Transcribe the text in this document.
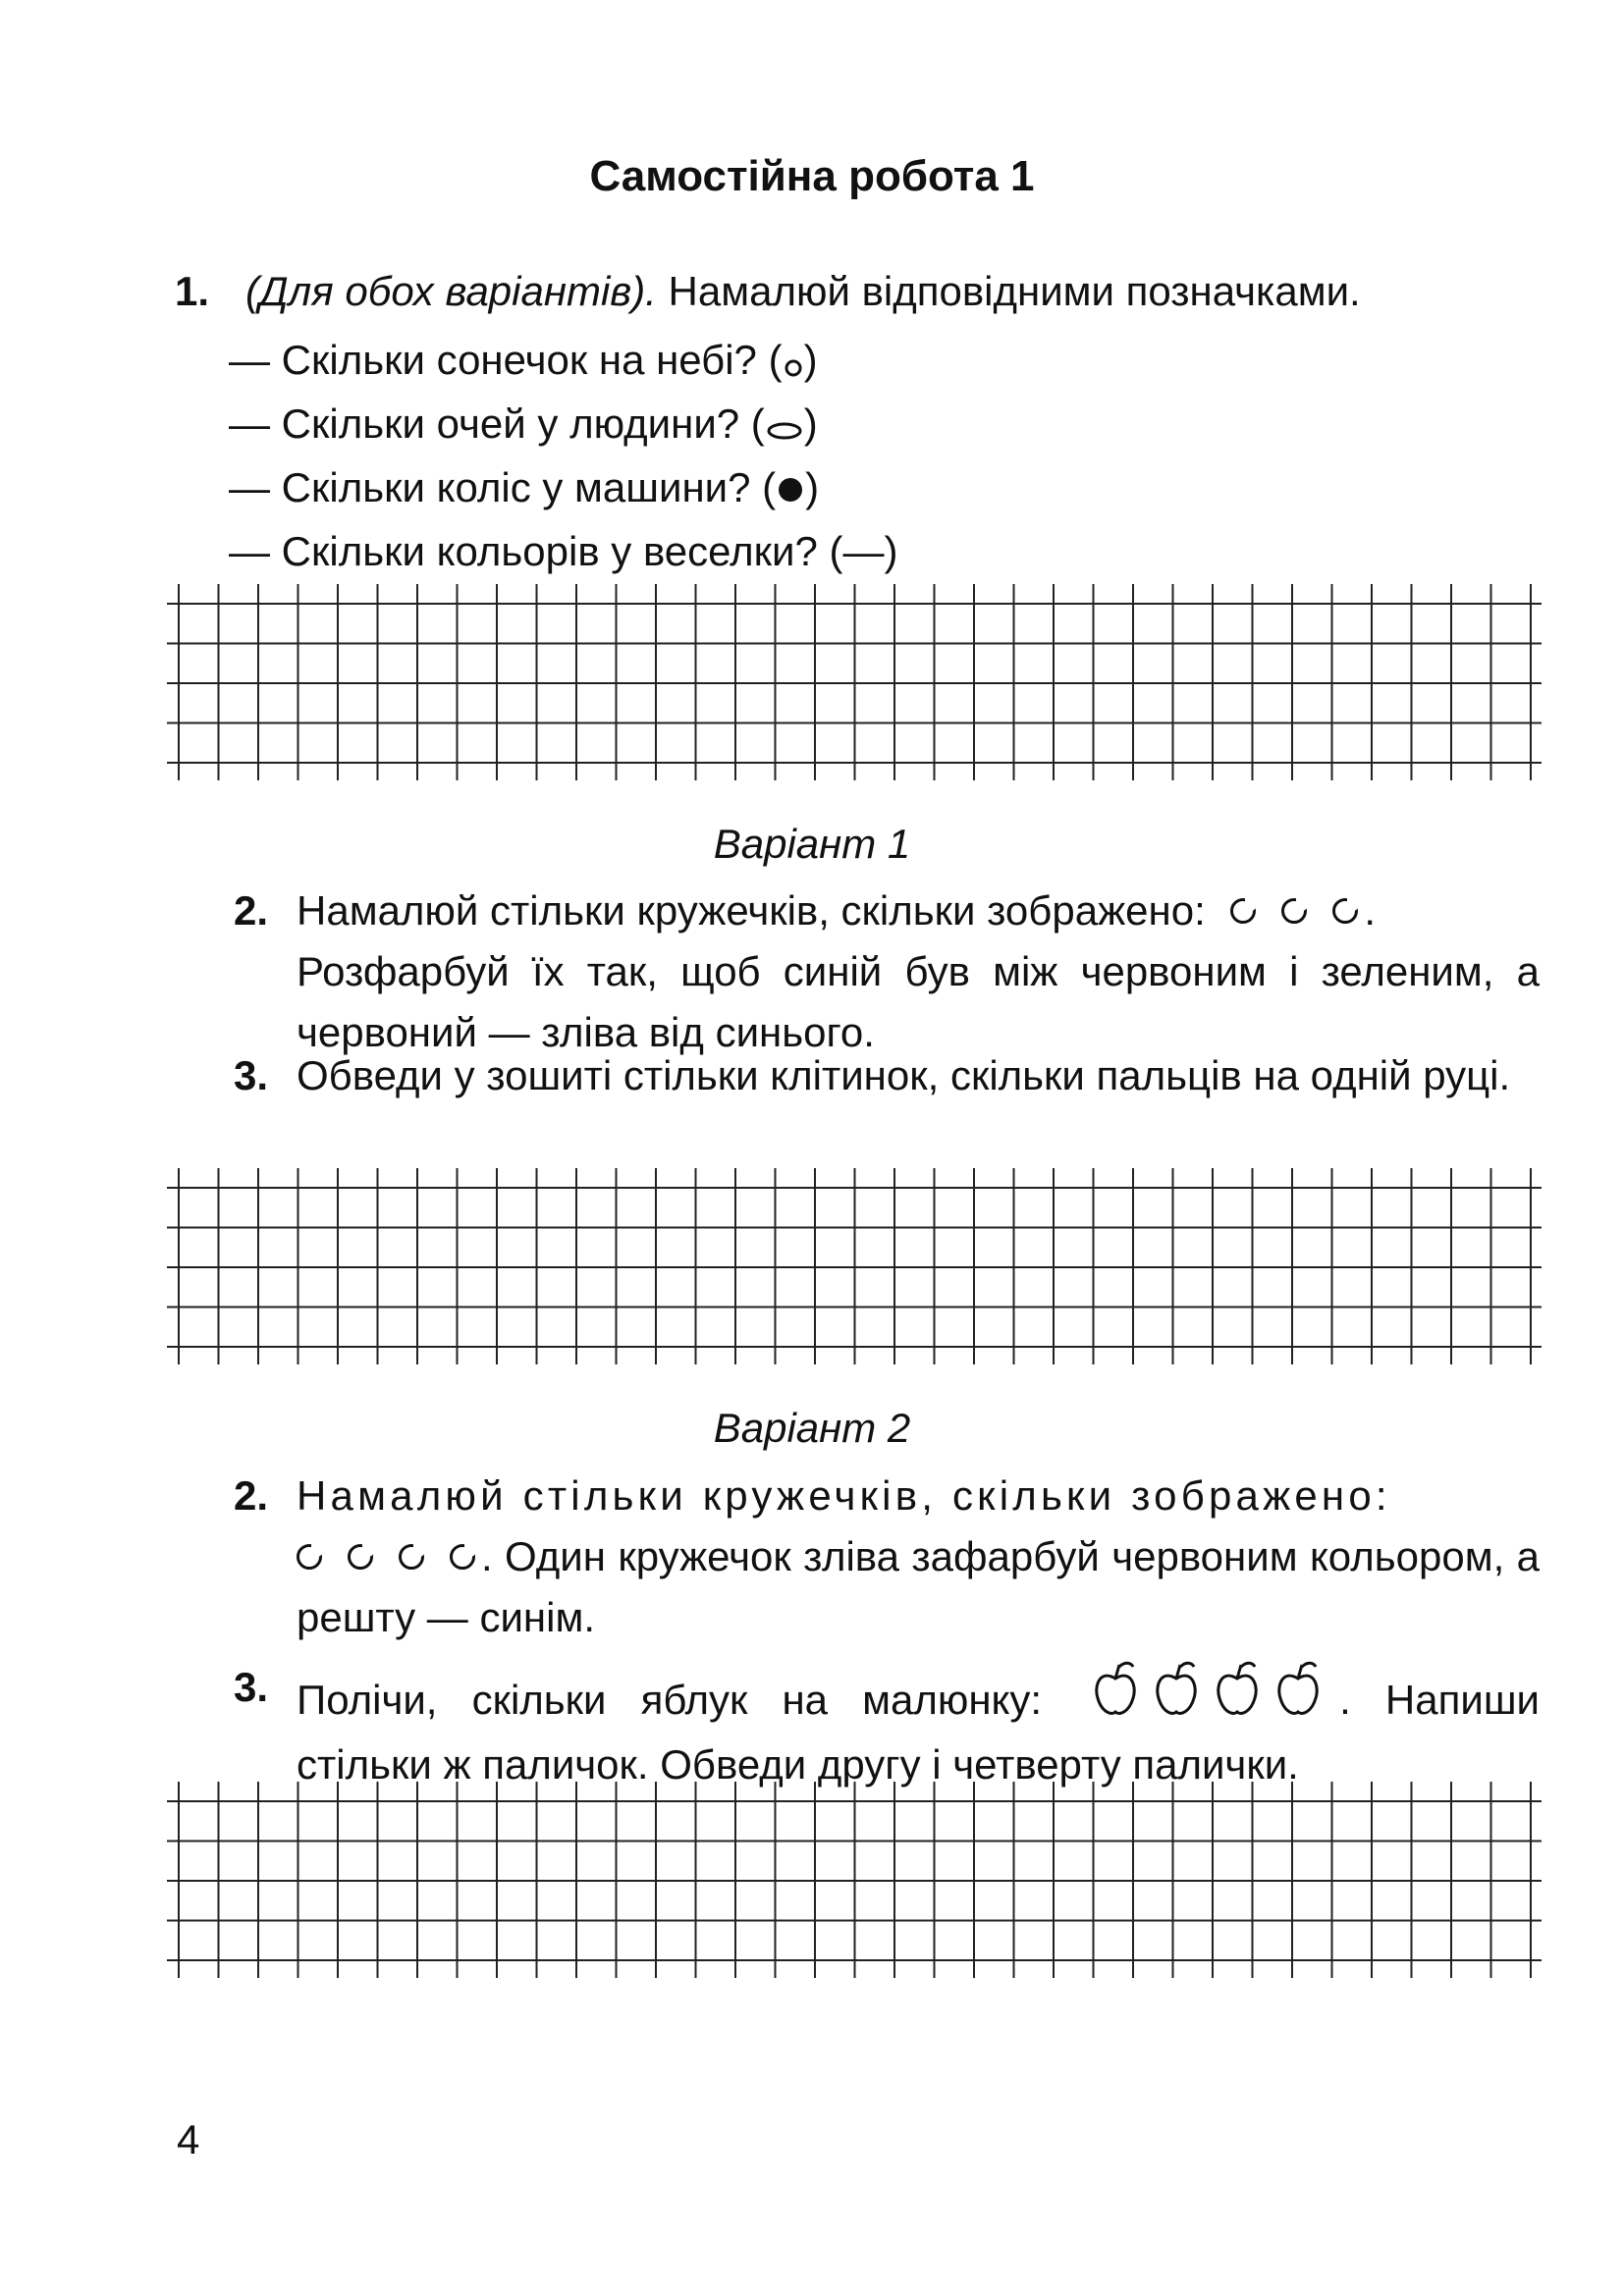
Самостійна робота 1
1. (Для обох варіантів). Намалюй відповідними позначками.
— Скільки сонечок на небі? ( )
— Скільки очей у людини? ( )
— Скільки коліс у машини? ( )
— Скільки кольорів у веселки? (—)
Варіант 1
2. Намалюй стільки кружечків, скільки зображено:	.
Розфарбуй їх так, щоб синій був між червоним і зеленим, а червоний — зліва від синього.
3. Обведи у зошиті стільки клітинок, скільки пальців на одній руці.
Варіант 2
2. Намалюй стільки кружечків, скільки зображено:
. Один кружечок зліва зафарбуй червоним кольором, а решту — синім.
3. Полічи, скільки яблук на малюнку:	. Напиши стільки ж паличок. Обведи другу і четверту палички.
4
